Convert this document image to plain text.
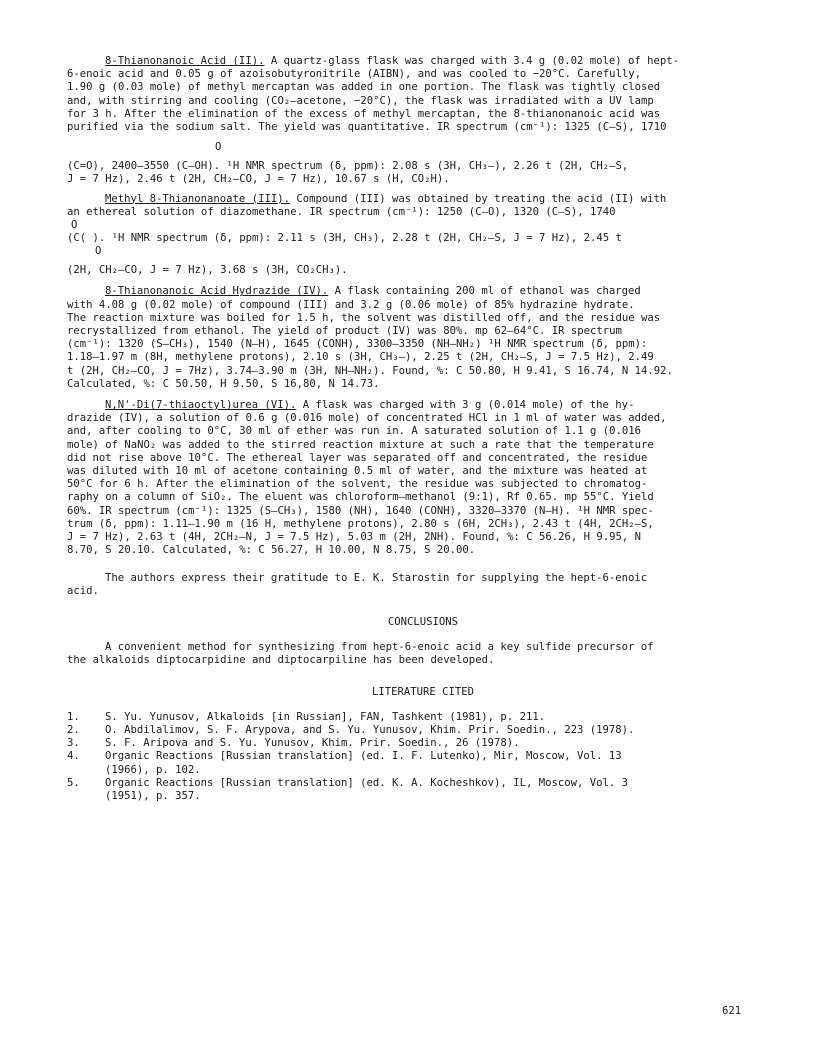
8-Thianonanoic Acid (II). A quartz-glass flask was charged with 3.4 g (0.02 mole) of hept-
6-enoic acid and 0.05 g of azoisobutyronitrile (AIBN), and was cooled to −20°C. Carefully,
1.90 g (0.03 mole) of methyl mercaptan was added in one portion. The flask was tightly closed
and, with stirring and cooling (CO₂–acetone, −20°C), the flask was irradiated with a UV lamp
for 3 h. After the elimination of the excess of methyl mercaptan, the 8-thianonanoic acid was
purified via the sodium salt. The yield was quantitative. IR spectrum (cm⁻¹): 1325 (C–S), 1710
O
(C=O), 2400–3550 (C–OH). ¹H NMR spectrum (δ, ppm): 2.08 s (3H, CH₃–), 2.26 t (2H, CH₂–S,
J = 7 Hz), 2.46 t (2H, CH₂–CO, J = 7 Hz), 10.67 s (H, CO₂H).
Methyl 8-Thianonanoate (III). Compound (III) was obtained by treating the acid (II) with
an ethereal solution of diazomethane. IR spectrum (cm⁻¹): 1250 (C–O), 1320 (C–S), 1740
O
(C⟨ ). ¹H NMR spectrum (δ, ppm): 2.11 s (3H, CH₃), 2.28 t (2H, CH₂–S, J = 7 Hz), 2.45 t
O
(2H, CH₂–CO, J = 7 Hz), 3.68 s (3H, CO₂CH₃).
8-Thianonanoic Acid Hydrazide (IV). A flask containing 200 ml of ethanol was charged
with 4.08 g (0.02 mole) of compound (III) and 3.2 g (0.06 mole) of 85% hydrazine hydrate.
The reaction mixture was boiled for 1.5 h, the solvent was distilled off, and the residue was
recrystallized from ethanol. The yield of product (IV) was 80%. mp 62–64°C. IR spectrum
(cm⁻¹): 1320 (S–CH₃), 1540 (N–H), 1645 (CONH), 3300–3350 (NH–NH₂) ¹H NMR spectrum (δ, ppm):
1.18–1.97 m (8H, methylene protons), 2.10 s (3H, CH₃–), 2.25 t (2H, CH₂–S, J = 7.5 Hz), 2.49
t (2H, CH₂–CO, J = 7Hz), 3.74–3.90 m (3H, NH–NH₂). Found, %: C 50.80, H 9.41, S 16.74, N 14.92.
Calculated, %: C 50.50, H 9.50, S 16,80, N 14.73.
N,N'-Di(7-thiaoctyl)urea (VI). A flask was charged with 3 g (0.014 mole) of the hy-
drazide (IV), a solution of 0.6 g (0.016 mole) of concentrated HCl in 1 ml of water was added,
and, after cooling to 0°C, 30 ml of ether was run in. A saturated solution of 1.1 g (0.016
mole) of NaNO₂ was added to the stirred reaction mixture at such a rate that the temperature
did not rise above 10°C. The ethereal layer was separated off and concentrated, the residue
was diluted with 10 ml of acetone containing 0.5 ml of water, and the mixture was heated at
50°C for 6 h. After the elimination of the solvent, the residue was subjected to chromatog-
raphy on a column of SiO₂. The eluent was chloroform–methanol (9:1), Rf 0.65. mp 55°C. Yield
60%. IR spectrum (cm⁻¹): 1325 (S–CH₃), 1580 (NH), 1640 (CONH), 3320–3370 (N–H). ¹H NMR spec-
trum (δ, ppm): 1.11–1.90 m (16 H, methylene protons), 2.80 s (6H, 2CH₃), 2.43 t (4H, 2CH₂–S,
J = 7 Hz), 2.63 t (4H, 2CH₂–N, J = 7.5 Hz), 5.03 m (2H, 2NH). Found, %: C 56.26, H 9.95, N
8.70, S 20.10. Calculated, %: C 56.27, H 10.00, N 8.75, S 20.00.
The authors express their gratitude to E. K. Starostin for supplying the hept-6-enoic
acid.
CONCLUSIONS
A convenient method for synthesizing from hept-6-enoic acid a key sulfide precursor of
the alkaloids diptocarpidine and diptocarpiline has been developed.
LITERATURE CITED
1.	S. Yu. Yunusov, Alkaloids [in Russian], FAN, Tashkent (1981), p. 211.
2.	O. Abdilalimov, S. F. Arypova, and S. Yu. Yunusov, Khim. Prir. Soedin., 223 (1978).
3.	S. F. Aripova and S. Yu. Yunusov, Khim. Prir. Soedin., 26 (1978).
4.	Organic Reactions [Russian translation] (ed. I. F. Lutenko), Mir, Moscow, Vol. 13
(1966), p. 102.
5.	Organic Reactions [Russian translation] (ed. K. A. Kocheshkov), IL, Moscow, Vol. 3
(1951), p. 357.
621
